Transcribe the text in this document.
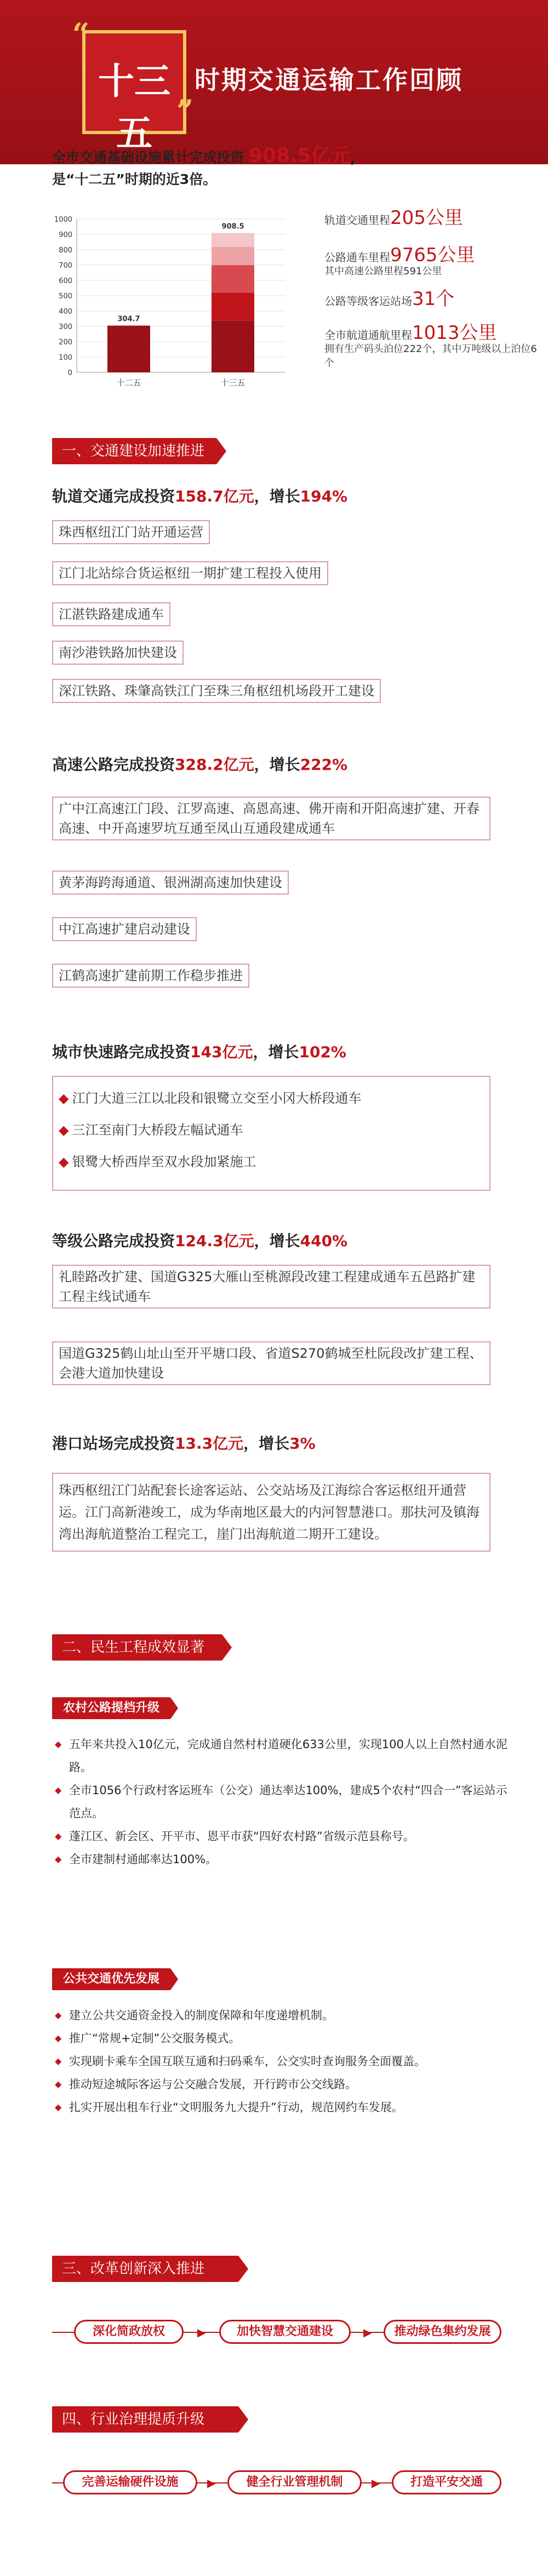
“
”
十三五
时期交通运输工作回顾
全市交通基础设施累计完成投资 908.5亿元，
是“十二五”时期的近3倍。
0
100
200
300
400
500
600
700
800
900
1000
304.7
十二五
908.5
十三五
轨道交通里程205公里
公路通车里程9765公里
其中高速公路里程591公里
公路等级客运站场31个
全市航道通航里程1013公里
拥有生产码头泊位222个，其中万吨级以上泊位6个
一、交通建设加速推进
轨道交通完成投资158.7亿元，增长194%
珠西枢纽江门站开通运营
江门北站综合货运枢纽一期扩建工程投入使用
江湛铁路建成通车
南沙港铁路加快建设
深江铁路、珠肇高铁江门至珠三角枢纽机场段开工建设
高速公路完成投资328.2亿元，增长222%
广中江高速江门段、江罗高速、高恩高速、佛开南和开阳高速扩建、开春高速、中开高速罗坑互通至凤山互通段建成通车
黄茅海跨海通道、银洲湖高速加快建设
中江高速扩建启动建设
江鹤高速扩建前期工作稳步推进
城市快速路完成投资143亿元，增长102%
◆ 江门大道三江以北段和银鹭立交至小冈大桥段通车
◆ 三江至南门大桥段左幅试通车
◆ 银鹭大桥西岸至双水段加紧施工
等级公路完成投资124.3亿元，增长440%
礼睦路改扩建、国道G325大雁山至桃源段改建工程建成通车五邑路扩建工程主线试通车
国道G325鹤山址山至开平塘口段、省道S270鹤城至杜阮段改扩建工程、会港大道加快建设
港口站场完成投资13.3亿元，增长3%
珠西枢纽江门站配套长途客运站、公交站场及江海综合客运枢纽开通营运。江门高新港竣工，成为华南地区最大的内河智慧港口。那扶河及镇海湾出海航道整治工程完工，崖门出海航道二期开工建设。
二、民生工程成效显著
农村公路提档升级
◆ 五年来共投入10亿元，完成通自然村村道硬化633公里，实现100人以上自然村通水泥路。
◆ 全市1056个行政村客运班车（公交）通达率达100%，建成5个农村“四合一”客运站示范点。
◆ 蓬江区、新会区、开平市、恩平市获“四好农村路”省级示范县称号。
◆ 全市建制村通邮率达100%。
公共交通优先发展
◆ 建立公共交通资金投入的制度保障和年度递增机制。
◆ 推广“常规+定制”公交服务模式。
◆ 实现刷卡乘车全国互联互通和扫码乘车，公交实时查询服务全面覆盖。
◆ 推动短途城际客运与公交融合发展，开行跨市公交线路。
◆ 扎实开展出租车行业“文明服务九大提升”行动，规范网约车发展。
三、改革创新深入推进
深化简政放权	▶	加快智慧交通建设	▶	推动绿色集约发展
四、行业治理提质升级
完善运输硬件设施	▶	健全行业管理机制	▶	打造平安交通
